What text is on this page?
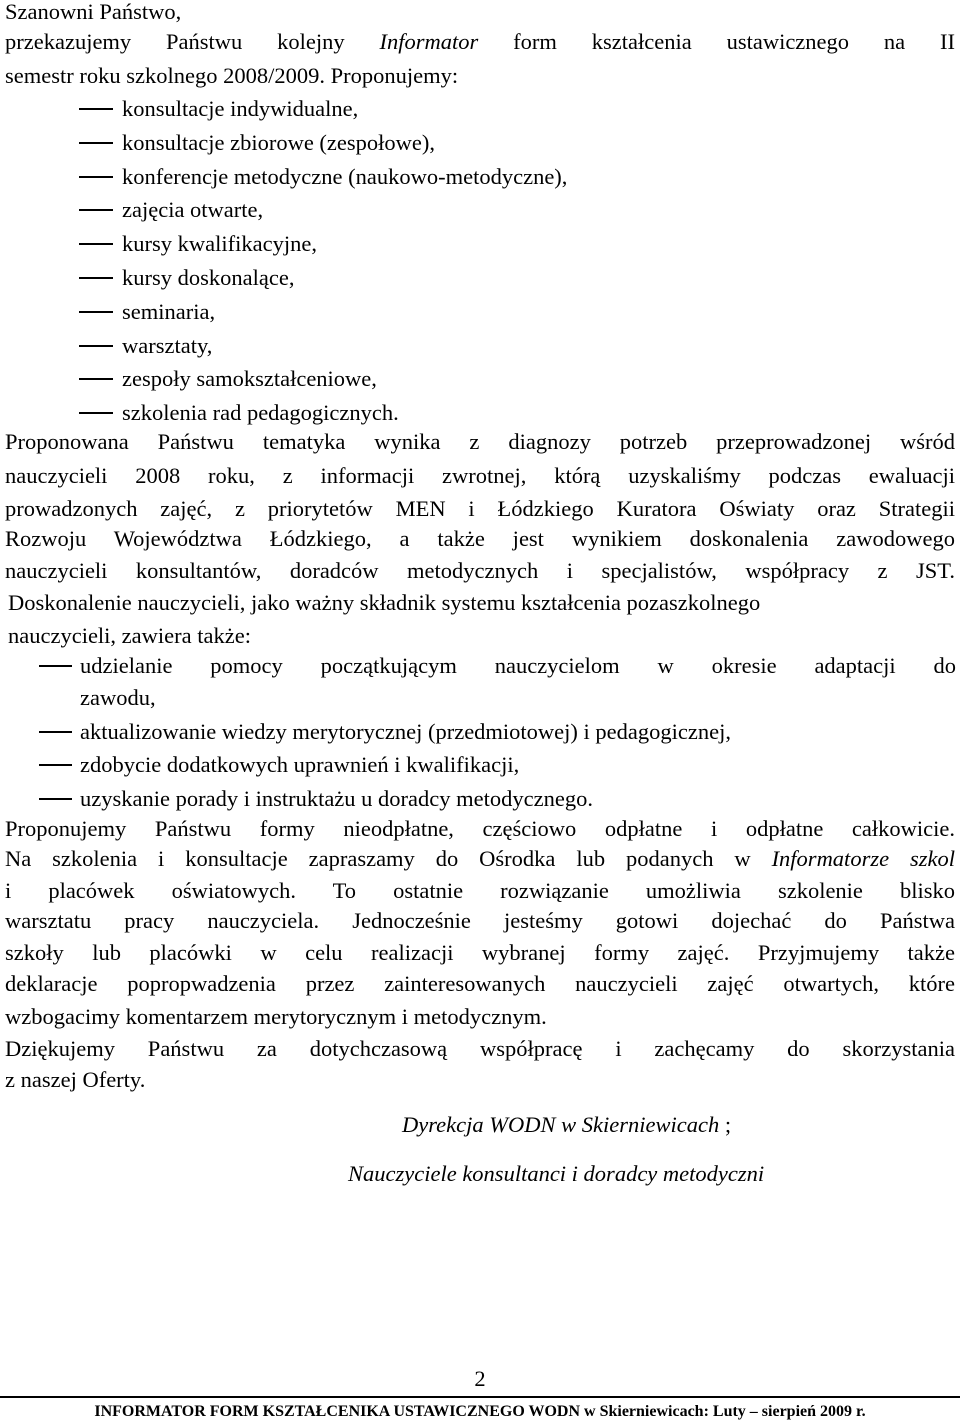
Szanowni Państwo,
przekazujemy Państwu kolejny Informator form kształcenia ustawicznego na II
semestr roku szkolnego 2008/2009. Proponujemy:
konsultacje indywidualne,
konsultacje zbiorowe (zespołowe),
konferencje metodyczne (naukowo-metodyczne),
zajęcia otwarte,
kursy kwalifikacyjne,
kursy doskonalące,
seminaria,
warsztaty,
zespoły samokształceniowe,
szkolenia rad pedagogicznych.
Proponowana Państwu tematyka wynika z diagnozy potrzeb przeprowadzonej wśród
nauczycieli 2008 roku, z informacji zwrotnej, którą uzyskaliśmy podczas ewaluacji
prowadzonych zajęć, z priorytetów MEN i Łódzkiego Kuratora Oświaty oraz Strategii
Rozwoju Województwa Łódzkiego, a także jest wynikiem doskonalenia zawodowego
nauczycieli konsultantów, doradców metodycznych i specjalistów, współpracy z JST.
Doskonalenie nauczycieli, jako ważny składnik systemu kształcenia pozaszkolnego
nauczycieli, zawiera także:
udzielanie pomocy początkującym nauczycielom w okresie adaptacji do
zawodu,
aktualizowanie wiedzy merytorycznej (przedmiotowej) i pedagogicznej,
zdobycie dodatkowych uprawnień i kwalifikacji,
uzyskanie porady i instruktażu u doradcy metodycznego.
Proponujemy Państwu formy nieodpłatne, częściowo odpłatne i odpłatne całkowicie.
Na szkolenia i konsultacje zapraszamy do Ośrodka lub podanych w Informatorze szkol
i placówek oświatowych. To ostatnie rozwiązanie umożliwia szkolenie blisko
warsztatu pracy nauczyciela. Jednocześnie jesteśmy gotowi dojechać do Państwa
szkoły lub placówki w celu realizacji wybranej formy zajęć. Przyjmujemy także
deklaracje popropwadzenia przez zainteresowanych nauczycieli zajęć otwartych, które
wzbogacimy komentarzem merytorycznym i metodycznym.
Dziękujemy Państwu za dotychczasową współpracę i zachęcamy do skorzystania
z naszej Oferty.
Dyrekcja WODN w Skierniewicach ;
Nauczyciele konsultanci i doradcy metodyczni
2
INFORMATOR FORM KSZTAŁCENIKA USTAWICZNEGO WODN w Skierniewicach: Luty – sierpień 2009 r.
